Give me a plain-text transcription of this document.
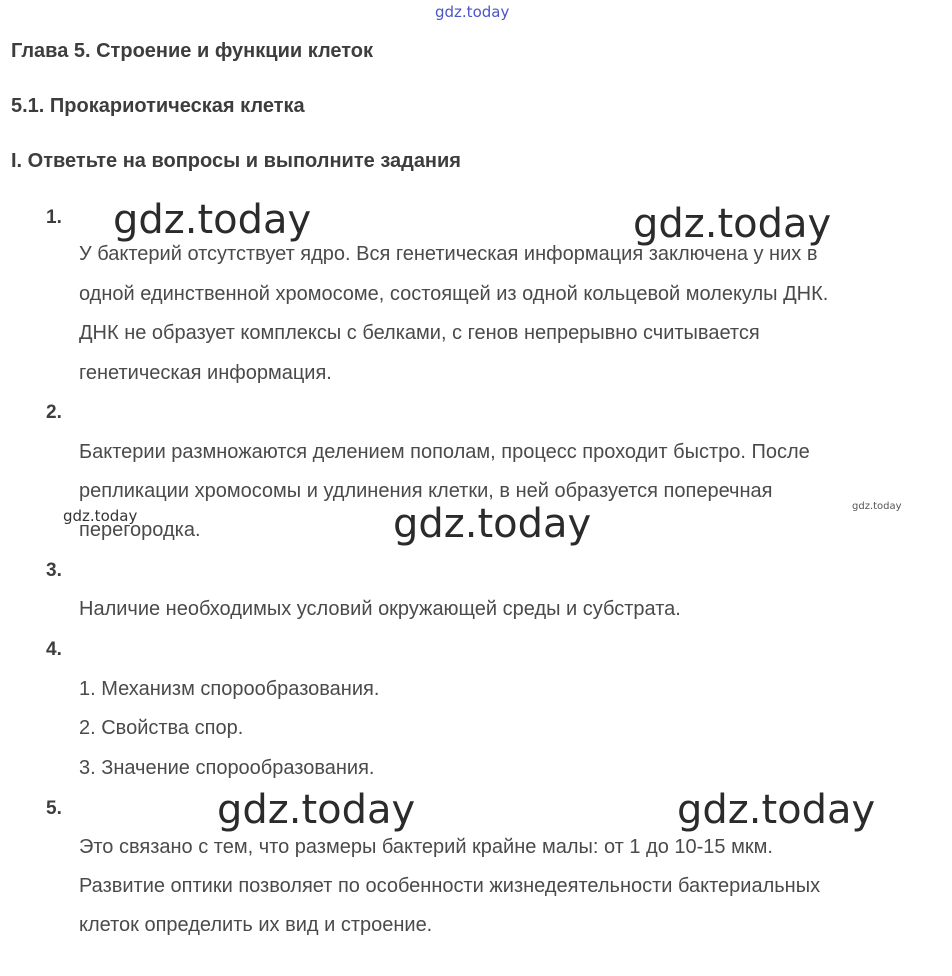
gdz.today
Глава 5. Строение и функции клеток
5.1. Прокариотическая клетка
I. Ответьте на вопросы и выполните задания
1.
У бактерий отсутствует ядро. Вся генетическая информация заключена у них в
одной единственной хромосоме, состоящей из одной кольцевой молекулы ДНК.
ДНК не образует комплексы с белками, с генов непрерывно считывается
генетическая информация.
2.
Бактерии размножаются делением пополам, процесс проходит быстро. После
репликации хромосомы и удлинения клетки, в ней образуется поперечная
перегородка.
3.
Наличие необходимых условий окружающей среды и субстрата.
4.
1. Механизм спорообразования.
2. Свойства спор.
3. Значение спорообразования.
5.
Это связано с тем, что размеры бактерий крайне малы: от 1 до 10-15 мкм.
Развитие оптики позволяет по особенности жизнедеятельности бактериальных
клеток определить их вид и строение.
gdz.today	gdz.today
gdz.today	gdz.today	gdz.today
gdz.today	gdz.today
